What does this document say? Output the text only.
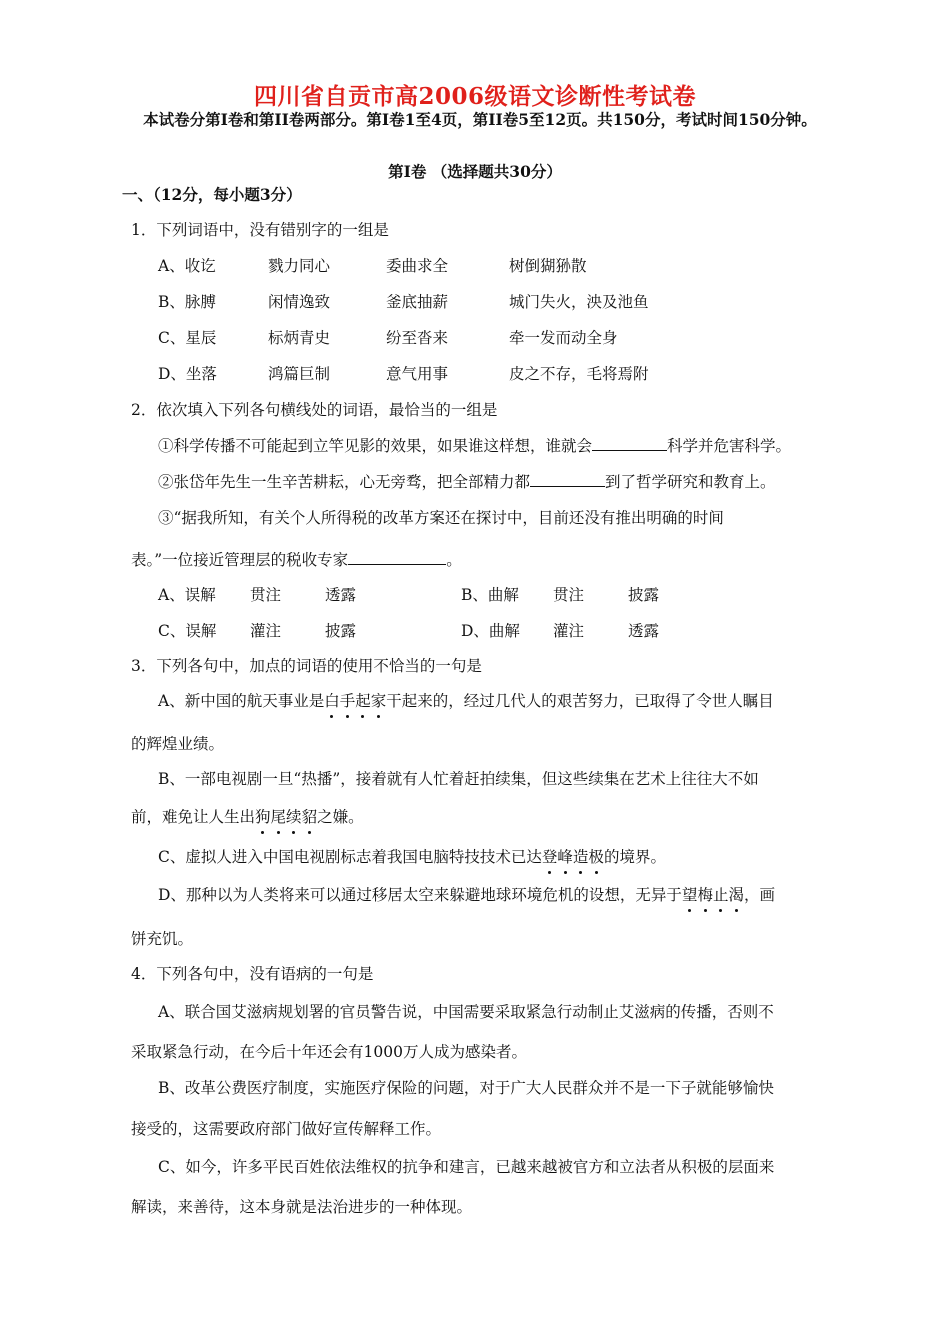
四川省自贡市高2006级语文诊断性考试卷
本试卷分第I卷和第II卷两部分。第I卷1至4页，第II卷5至12页。共150分，考试时间150分钟。
第I卷 （选择题共30分）
一、（12分，每小题3分）
1．下列词语中，没有错别字的一组是
A、收讫	戮力同心	委曲求全	树倒猢狲散
B、脉膊	闲情逸致	釜底抽薪	城门失火，泱及池鱼
C、星辰	标炳青史	纷至沓来	牵一发而动全身
D、坐落	鸿篇巨制	意气用事	皮之不存，毛将焉附
2．依次填入下列各句横线处的词语，最恰当的一组是
①科学传播不可能起到立竿见影的效果，如果谁这样想，谁就会	科学并危害科学。
②张岱年先生一生辛苦耕耘，心无旁骛，把全部精力都	到了哲学研究和教育上。
③“据我所知，有关个人所得税的改革方案还在探讨中，目前还没有推出明确的时间
表。”一位接近管理层的税收专家	。
A、误解 贯注	透露	B、曲解 贯注	披露
C、误解 灌注	披露	D、曲解 灌注	透露
3．下列各句中，加点的词语的使用不恰当的一句是
A、新中国的航天事业是白手起家干起来的，经过几代人的艰苦努力，已取得了令世人瞩目
的辉煌业绩。
B、一部电视剧一旦“热播”，接着就有人忙着赶拍续集，但这些续集在艺术上往往大不如
前，难免让人生出狗尾续貂之嫌。
C、虚拟人进入中国电视剧标志着我国电脑特技技术已达登峰造极的境界。
D、那种以为人类将来可以通过移居太空来躲避地球环境危机的设想，无异于望梅止渴，画
饼充饥。
4．下列各句中，没有语病的一句是
A、联合国艾滋病规划署的官员警告说，中国需要采取紧急行动制止艾滋病的传播，否则不
采取紧急行动，在今后十年还会有1000万人成为感染者。
B、改革公费医疗制度，实施医疗保险的问题，对于广大人民群众并不是一下子就能够愉快
接受的，这需要政府部门做好宣传解释工作。
C、如今，许多平民百姓依法维权的抗争和建言，已越来越被官方和立法者从积极的层面来
解读，来善待，这本身就是法治进步的一种体现。
